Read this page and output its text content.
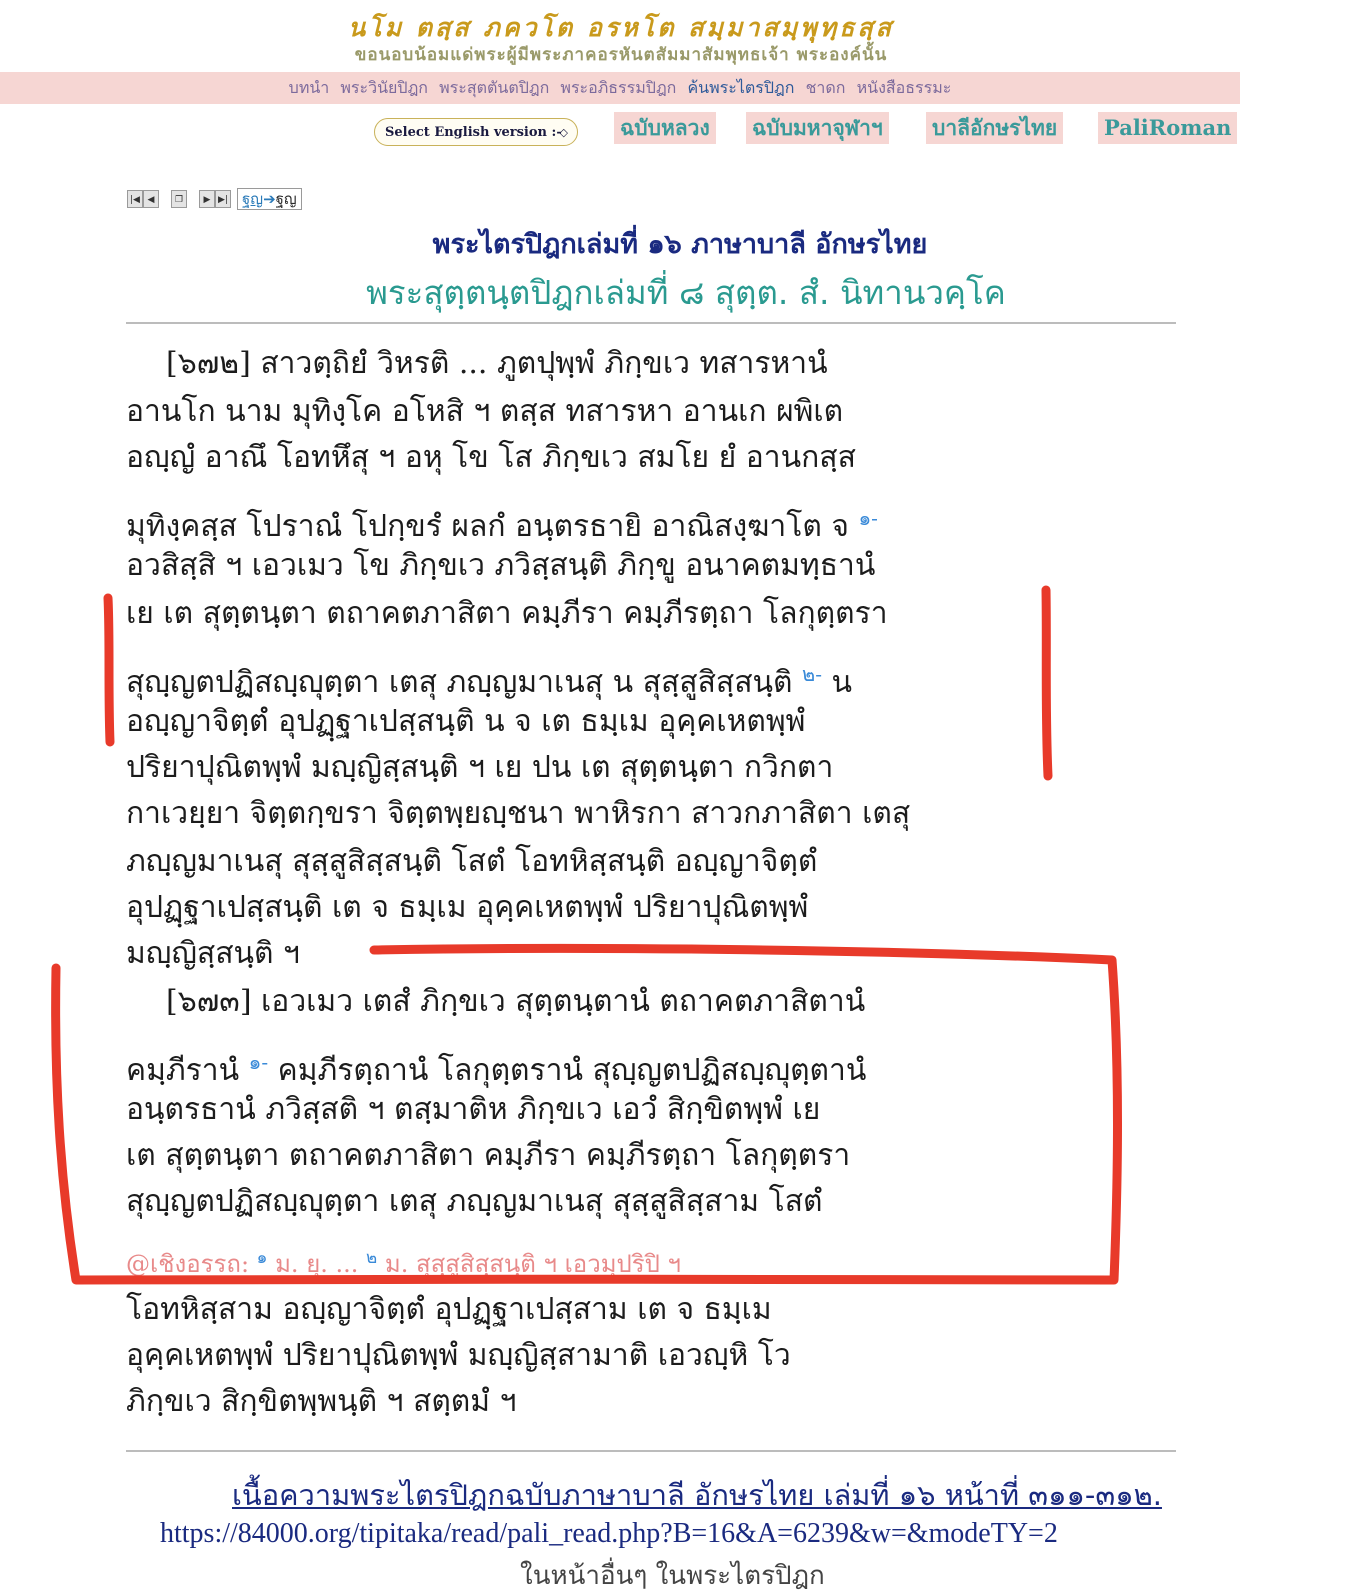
นโม ตสฺส ภควโต อรหโต สมฺมาสมฺพุทฺธสฺส
ขอนอบน้อมแด่พระผู้มีพระภาคอรหันตสัมมาสัมพุทธเจ้า พระองค์นั้น
บทนำ พระวินัยปิฎก พระสุตตันตปิฎก พระอภิธรรมปิฎก ค้นพระไตรปิฎก ชาดก หนังสือธรรมะ
Select English version :-
◇ ฉบับหลวง ฉบับมหาจุฬาฯ บาลีอักษรไทย PaliRoman
|◀ ◀	❐	▶ ▶| ฐญ➔ฐญ
พระไตรปิฎกเล่มที่ ๑๖ ภาษาบาลี อักษรไทย
พระสุตฺตนฺตปิฎกเล่มที่ ๘ สุตฺต. สํ. นิทานวคฺโค
[๖๗๒] สาวตฺถิยํ วิหรติ ... ภูตปุพฺพํ ภิกฺขเว ทสารหานํ
อานโก นาม มุทิงฺโค อโหสิ ฯ ตสฺส ทสารหา อานเก ผพิเต
อญฺญํ อาณึ โอทหึสุ ฯ อหุ โข โส ภิกฺขเว สมโย ยํ อานกสฺส
มุทิงฺคสฺส โปราณํ โปกฺขรํ ผลกํ อนฺตรธายิ อาณิสงฺฆาโต จ $^{๑-}$
อวสิสฺสิ ฯ เอวเมว โข ภิกฺขเว ภวิสฺสนฺติ ภิกฺขู อนาคตมทฺธานํ
เย เต สุตฺตนฺตา ตถาคตภาสิตา คมฺภีรา คมฺภีรตฺถา โลกุตฺตรา
สุญฺญตปฏิสญฺญุตฺตา เตสุ ภญฺญมาเนสุ น สุสฺสูสิสฺสนฺติ $^{๒-}$ น
อญฺญาจิตฺตํ อุปฏฺฐาเปสฺสนฺติ น จ เต ธมฺเม อุคฺคเหตพฺพํ
ปริยาปุณิตพฺพํ มญฺญิสฺสนฺติ ฯ เย ปน เต สุตฺตนฺตา กวิกตา
กาเวยฺยา จิตฺตกฺขรา จิตฺตพฺยญฺชนา พาหิรกา สาวกภาสิตา เตสุ
ภญฺญมาเนสุ สุสฺสูสิสฺสนฺติ โสตํ โอทหิสฺสนฺติ อญฺญาจิตฺตํ
อุปฏฺฐาเปสฺสนฺติ เต จ ธมฺเม อุคฺคเหตพฺพํ ปริยาปุณิตพฺพํ
มญฺญิสฺสนฺติ ฯ
[๖๗๓] เอวเมว เตสํ ภิกฺขเว สุตฺตนฺตานํ ตถาคตภาสิตานํ
คมฺภีรานํ $^{๑-}$ คมฺภีรตฺถานํ โลกุตฺตรานํ สุญฺญตปฏิสญฺญุตฺตานํ
อนฺตรธานํ ภวิสฺสติ ฯ ตสฺมาติห ภิกฺขเว เอวํ สิกฺขิตพฺพํ เย
เต สุตฺตนฺตา ตถาคตภาสิตา คมฺภีรา คมฺภีรตฺถา โลกุตฺตรา
สุญฺญตปฏิสญฺญุตฺตา เตสุ ภญฺญมาเนสุ สุสฺสูสิสฺสาม โสตํ
@เชิงอรรถ: $^๑$ ม. ยุ. ... $^๒$ ม. สุสฺสูสิสฺสนฺติ ฯ เอวมุปริปิ ฯ
โอทหิสฺสาม อญฺญาจิตฺตํ อุปฏฺฐาเปสฺสาม เต จ ธมฺเม
อุคฺคเหตพฺพํ ปริยาปุณิตพฺพํ มญฺญิสฺสามาติ เอวญฺหิ โว
ภิกฺขเว สิกฺขิตพฺพนฺติ ฯ สตฺตมํ ฯ
เนื้อความพระไตรปิฎกฉบับภาษาบาลี อักษรไทย เล่มที่ ๑๖ หน้าที่ ๓๑๑-๓๑๒.
https://84000.org/tipitaka/read/pali_read.php?B=16&A=6239&w=&modeTY=2
ในหน้าอื่นๆ ในพระไตรปิฎก
